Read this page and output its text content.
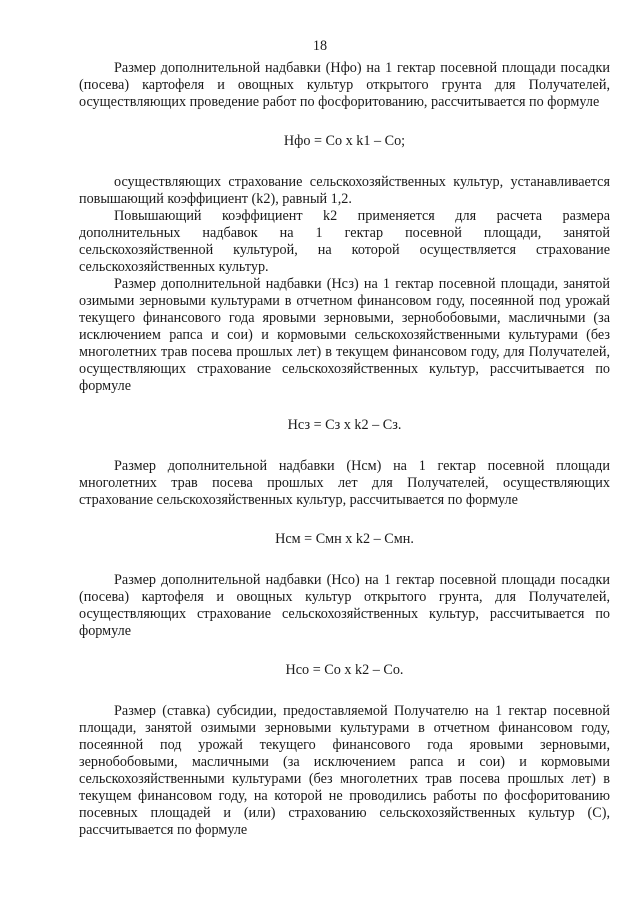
18

Размер дополнительной надбавки (Нфо) на 1 гектар посевной площади посадки (посева) картофеля и овощных культур открытого грунта для Получателей, осуществляющих проведение работ по фосфоритованию, рассчитывается по формуле

Нфо = Со x k1 – Со;

осуществляющих страхование сельскохозяйственных культур, устанавливается повышающий коэффициент (k2), равный 1,2.

Повышающий коэффициент k2 применяется для расчета размера дополнительных надбавок на 1 гектар посевной площади, занятой сельскохозяйственной культурой, на которой осуществляется страхование сельскохозяйственных культур.

Размер дополнительной надбавки (Нсз) на 1 гектар посевной площади, занятой озимыми зерновыми культурами в отчетном финансовом году, посеянной под урожай текущего финансового года яровыми зерновыми, зернобобовыми, масличными (за исключением рапса и сои) и кормовыми сельскохозяйственными культурами (без многолетних трав посева прошлых лет) в текущем финансовом году, для Получателей, осуществляющих страхование сельскохозяйственных культур, рассчитывается по формуле

Нсз = Сз x k2 – Сз.

Размер дополнительной надбавки (Нсм) на 1 гектар посевной площади многолетних трав посева прошлых лет для Получателей, осуществляющих страхование сельскохозяйственных культур, рассчитывается по формуле

Нсм = Смн x k2 – Смн.

Размер дополнительной надбавки (Нсо) на 1 гектар посевной площади посадки (посева) картофеля и овощных культур открытого грунта, для Получателей, осуществляющих страхование сельскохозяйственных культур, рассчитывается по формуле

Нсо = Со x k2 – Со.

Размер (ставка) субсидии, предоставляемой Получателю на 1 гектар посевной площади, занятой озимыми зерновыми культурами в отчетном финансовом году, посеянной под урожай текущего финансового года яровыми зерновыми, зернобобовыми, масличными (за исключением рапса и сои) и кормовыми сельскохозяйственными культурами (без многолетних трав посева прошлых лет) в текущем финансовом году, на которой не проводились работы по фосфоритованию посевных площадей и (или) страхованию сельскохозяйственных культур (С), рассчитывается по формуле
